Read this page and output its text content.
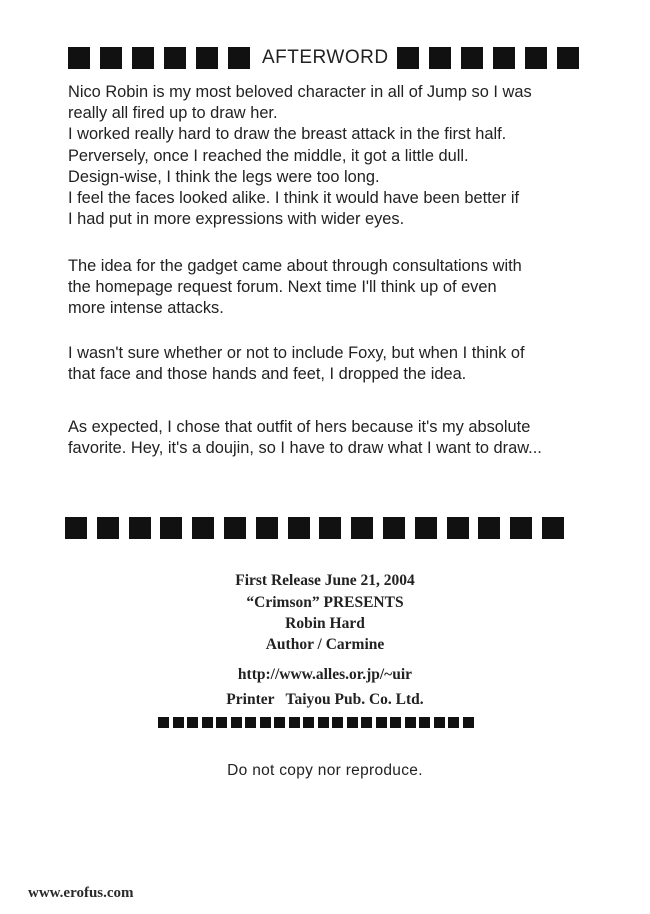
AFTERWORD
Nico Robin is my most beloved character in all of Jump so I was
really all fired up to draw her.
I worked really hard to draw the breast attack in the first half.
Perversely, once I reached the middle, it got a little dull.
Design-wise, I think the legs were too long.
I feel the faces looked alike. I think it would have been better if
I had put in more expressions with wider eyes.
The idea for the gadget came about through consultations with
the homepage request forum. Next time I'll think up of even
more intense attacks.
I wasn't sure whether or not to include Foxy, but when I think of
that face and those hands and feet, I dropped the idea.
As expected, I chose that outfit of hers because it's my absolute
favorite. Hey, it's a doujin, so I have to draw what I want to draw...
First Release June 21, 2004
“Crimson” PRESENTS
Robin Hard
Author / Carmine
http://www.alles.or.jp/~uir
Printer   Taiyou Pub. Co. Ltd.
Do not copy nor reproduce.
www.erofus.com
